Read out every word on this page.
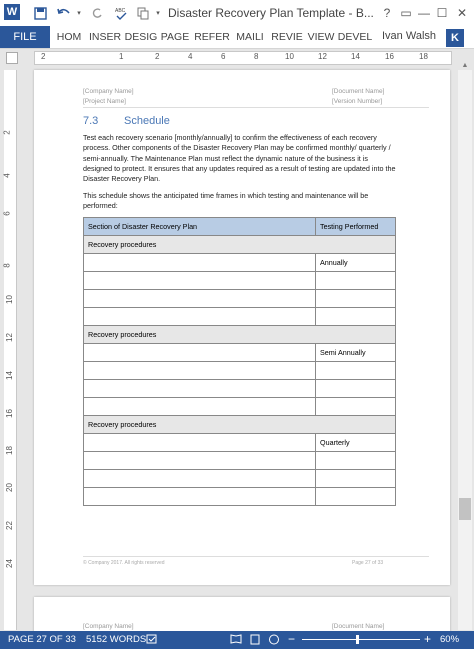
W	▾	ABC	▾ Disaster Recovery Plan Template - B... ? ▭ — ☐ ✕
FILE	HOM INSER DESIG PAGE REFER MAILI REVIE VIEW DEVEL Ivan Walsh	K
2	1	2	4	6	8	10	12	14	16	18
2
4
6
8
10
12
14
16
18
20
22
24
▲
[Company Name]
[Project Name]
[Document Name]
[Version Number]
7.3 Schedule
Test each recovery scenario [monthly/annually] to confirm the effectiveness of each recovery process. Other components of the Disaster Recovery Plan may be confirmed monthly/ quarterly / semi-annually. The Maintenance Plan must reflect the dynamic nature of the business it is designed to protect. It ensures that any updates required as a result of testing are updated into the Disaster Recovery Plan.
This schedule shows the anticipated time frames in which testing and maintenance will be performed:
Section of Disaster Recovery Plan	Testing Performed
Recovery procedures	
	Annually

Recovery procedures	
	Semi Annually

Recovery procedures	
	Quarterly

© Company 2017. All rights reserved	Page 27 of 33
[Company Name]	[Document Name]
PAGE 27 OF 33 5152 WORDS	−	+ 60%
